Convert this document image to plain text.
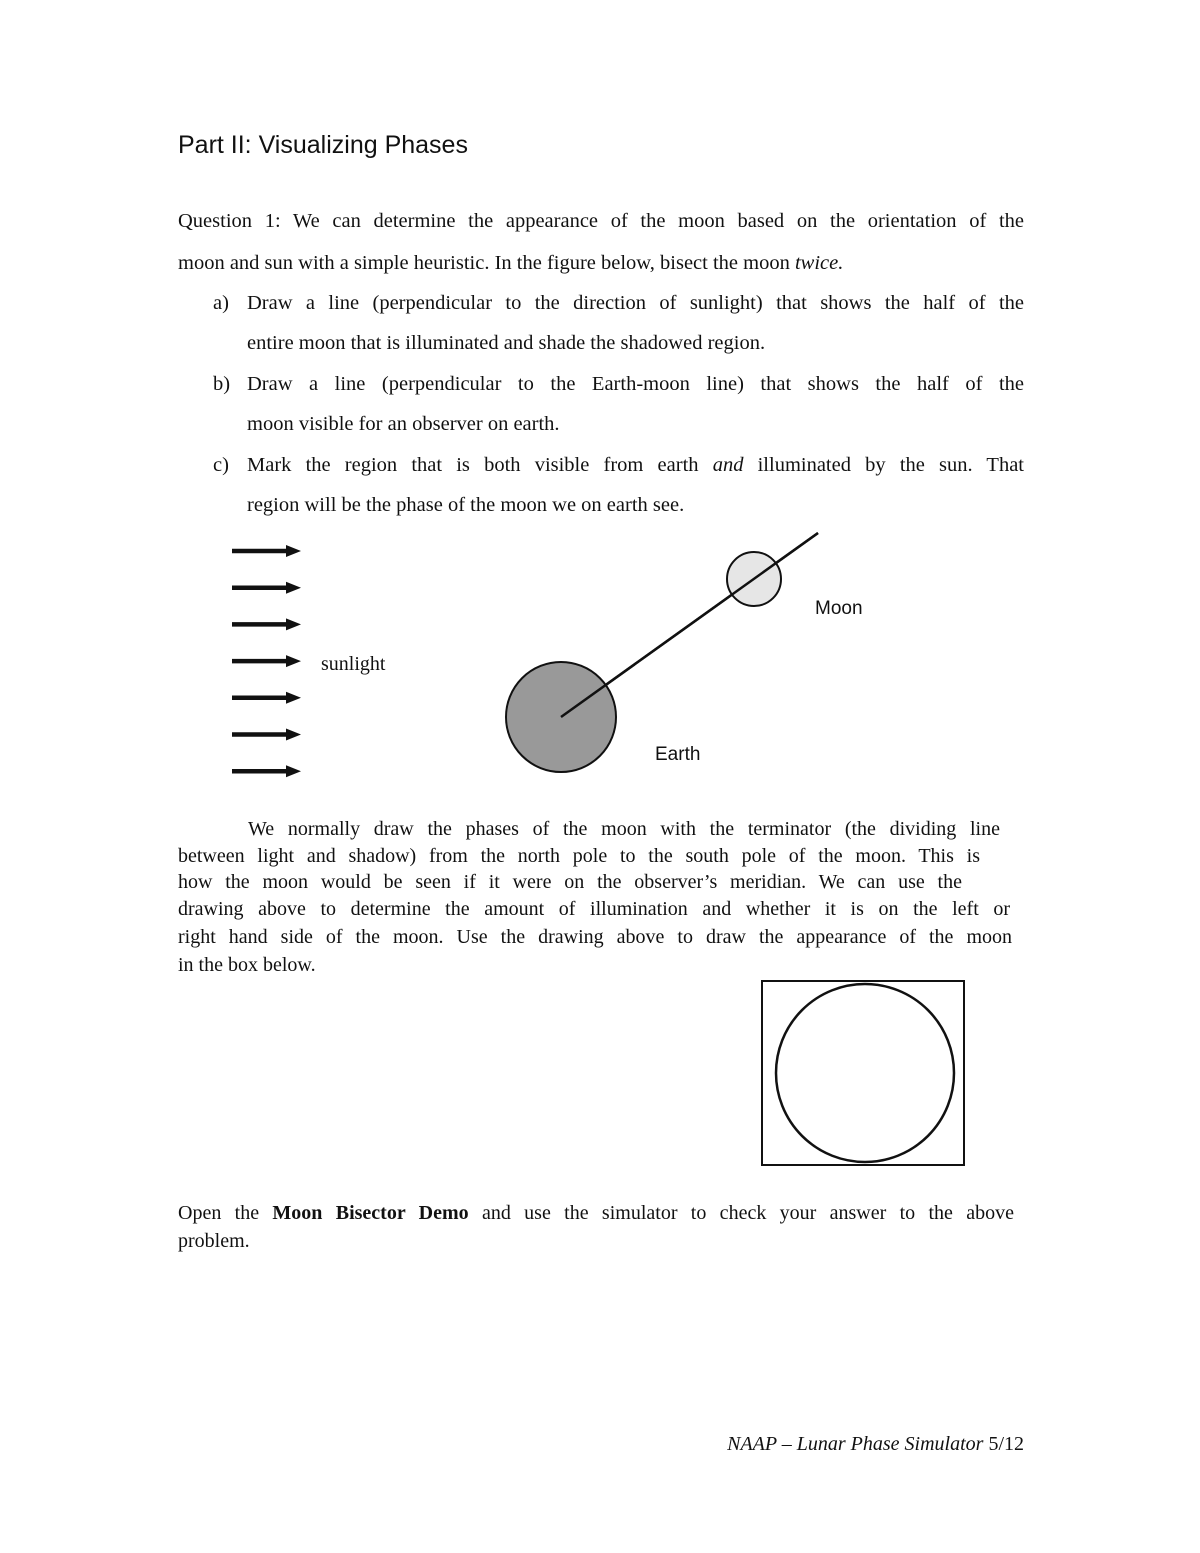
Part II: Visualizing Phases
Question 1: We can determine the appearance of the moon based on the orientation of the
moon and sun with a simple heuristic. In the figure below, bisect the moon twice.
a) Draw a line (perpendicular to the direction of sunlight) that shows the half of the
entire moon that is illuminated and shade the shadowed region.
b) Draw a line (perpendicular to the Earth-moon line) that shows the half of the
moon visible for an observer on earth.
c) Mark the region that is both visible from earth and illuminated by the sun. That
region will be the phase of the moon we on earth see.
sunlight
Moon
Earth
We normally draw the phases of the moon with the terminator (the dividing line
between light and shadow) from the north pole to the south pole of the moon. This is
how the moon would be seen if it were on the observer’s meridian. We can use the
drawing above to determine the amount of illumination and whether it is on the left or
right hand side of the moon. Use the drawing above to draw the appearance of the moon
in the box below.
Open the Moon Bisector Demo and use the simulator to check your answer to the above
problem.
NAAP – Lunar Phase Simulator 5/12
